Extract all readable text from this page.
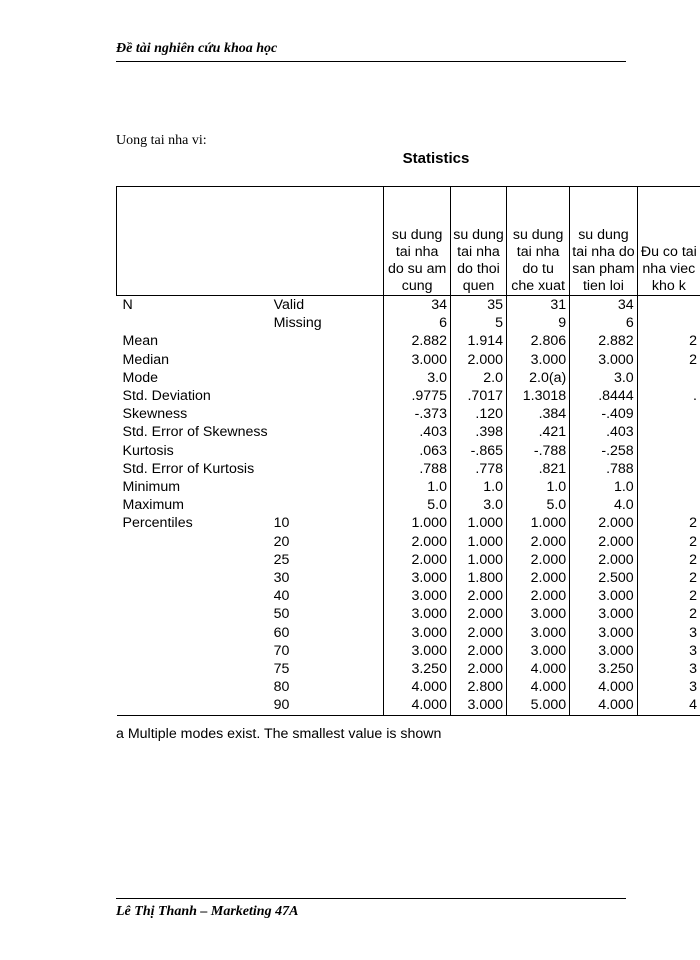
Đề tài nghiên cứu khoa học
Uong tai nha vi:
Statistics
		su dung tai nha do su am cung	su dung tai nha do thoi quen	su dung tai nha do tu che xuat	su dung tai nha do san pham tien loi	Đu co tai nha viec kho k
N	Valid	34	35	31	34	
	Missing	6	5	9	6	
Mean		2.882	1.914	2.806	2.882	2
Median		3.000	2.000	3.000	3.000	2
Mode		3.0	2.0	2.0(a)	3.0	
Std. Deviation		.9775	.7017	1.3018	.8444	.
Skewness		-.373	.120	.384	-.409	
Std. Error of Skewness		.403	.398	.421	.403	
Kurtosis		.063	-.865	-.788	-.258	
Std. Error of Kurtosis		.788	.778	.821	.788	
Minimum		1.0	1.0	1.0	1.0	
Maximum		5.0	3.0	5.0	4.0	
Percentiles	10	1.000	1.000	1.000	2.000	2
	20	2.000	1.000	2.000	2.000	2
	25	2.000	1.000	2.000	2.000	2
	30	3.000	1.800	2.000	2.500	2
	40	3.000	2.000	2.000	3.000	2
	50	3.000	2.000	3.000	3.000	2
	60	3.000	2.000	3.000	3.000	3
	70	3.000	2.000	3.000	3.000	3
	75	3.250	2.000	4.000	3.250	3
	80	4.000	2.800	4.000	4.000	3
	90	4.000	3.000	5.000	4.000	4
a Multiple modes exist. The smallest value is shown
Lê Thị Thanh – Marketing 47A
